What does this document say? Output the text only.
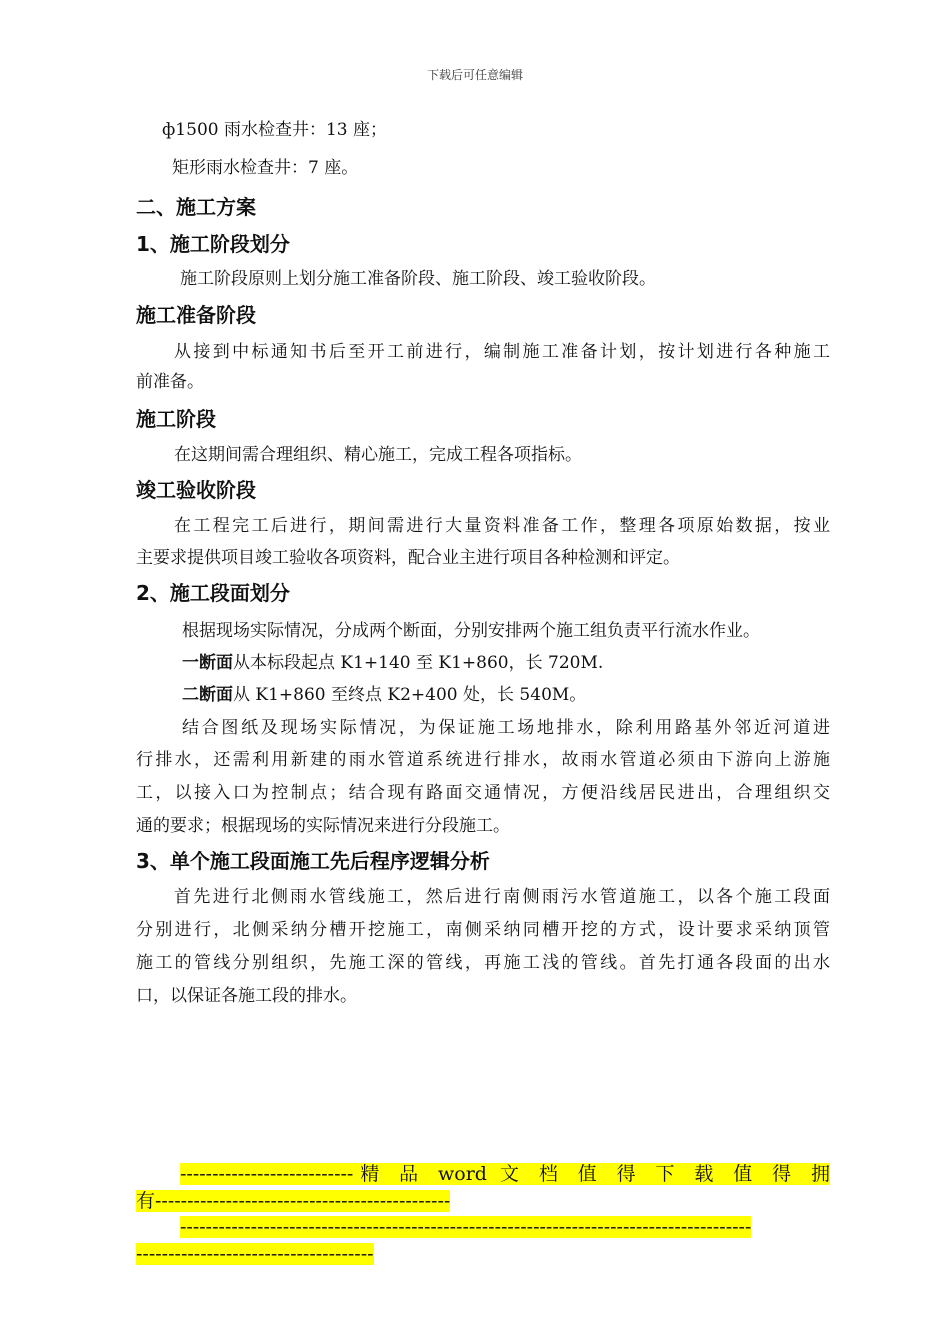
下载后可任意编辑
ф1500 雨水检查井：13 座；
矩形雨水检查井：7 座。
二、施工方案
1、施工阶段划分
施工阶段原则上划分施工准备阶段、施工阶段、竣工验收阶段。
施工准备阶段
从接到中标通知书后至开工前进行，编制施工准备计划，按计划进行各种施工
前准备。
施工阶段
在这期间需合理组织、精心施工，完成工程各项指标。
竣工验收阶段
在工程完工后进行，期间需进行大量资料准备工作，整理各项原始数据，按业
主要求提供项目竣工验收各项资料，配合业主进行项目各种检测和评定。
2、施工段面划分
根据现场实际情况，分成两个断面，分别安排两个施工组负责平行流水作业。
一断面从本标段起点 K1+140 至 K1+860，长 720M.
二断面从 K1+860 至终点 K2+400 处，长 540M。
结合图纸及现场实际情况，为保证施工场地排水，除利用路基外邻近河道进
行排水，还需利用新建的雨水管道系统进行排水，故雨水管道必须由下游向上游施
工，以接入口为控制点；结合现有路面交通情况，方便沿线居民进出，合理组织交
通的要求；根据现场的实际情况来进行分段施工。
3、单个施工段面施工先后程序逻辑分析
首先进行北侧雨水管线施工，然后进行南侧雨污水管道施工，以各个施工段面
分别进行，北侧采纳分槽开挖施工，南侧采纳同槽开挖的方式，设计要求采纳顶管
施工的管线分别组织，先施工深的管线，再施工浅的管线。首先打通各段面的出水
口，以保证各施工段的排水。
---------------------------精 品 word 文 档 值 得 下 载 值 得 拥
有----------------------------------------------
-----------------------------------------------------------------------------------------
-------------------------------------
